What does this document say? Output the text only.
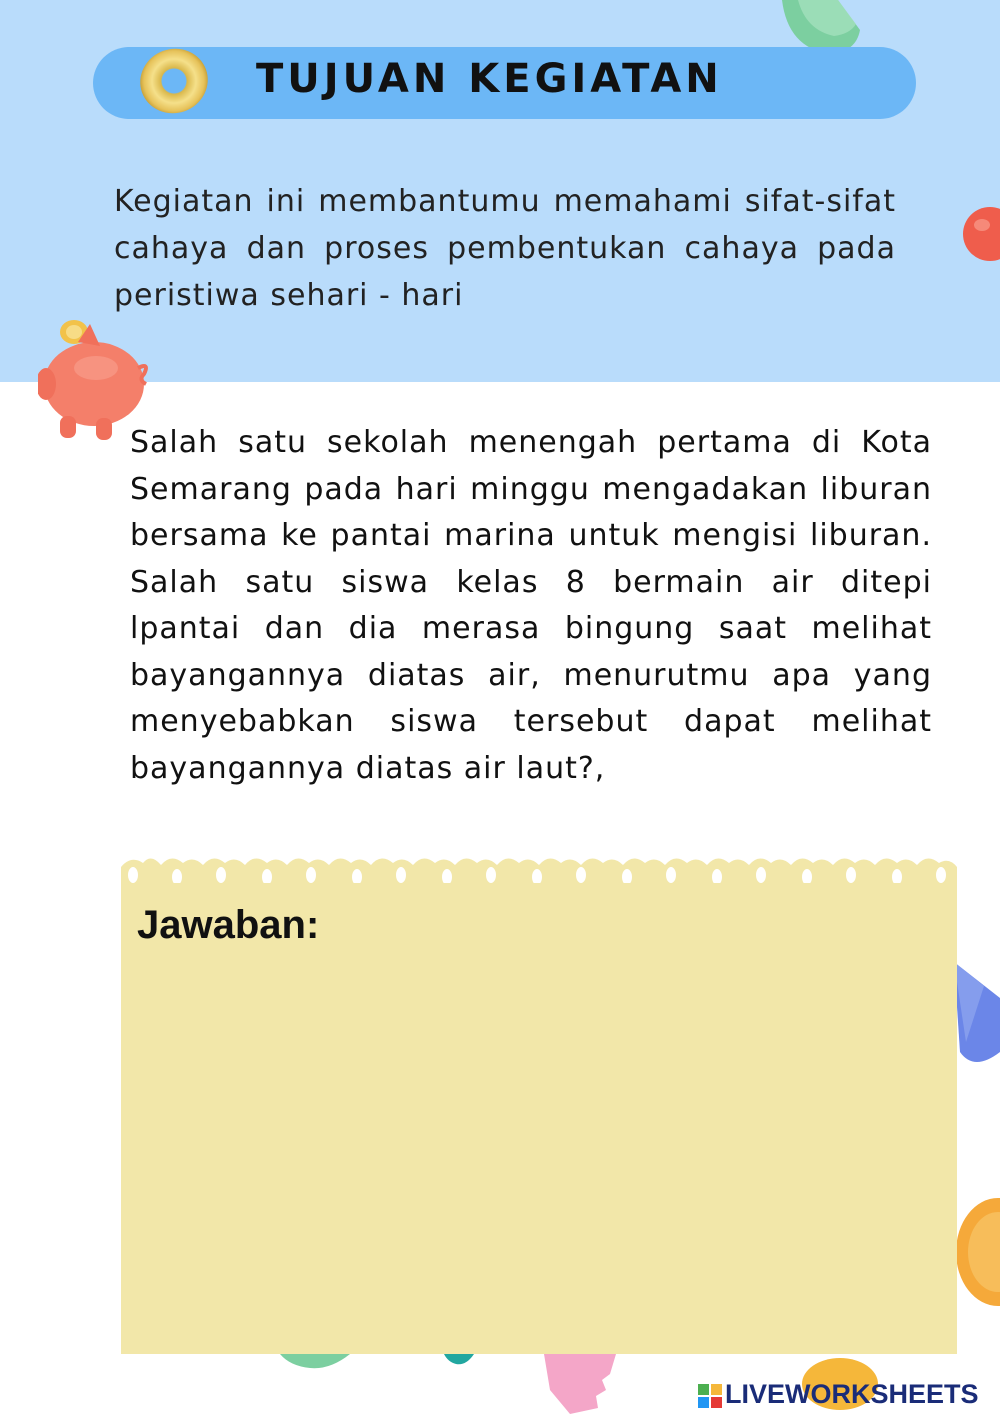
TUJUAN KEGIATAN
Kegiatan ini membantumu memahami sifat-sifat cahaya dan proses pembentukan cahaya pada peristiwa sehari - hari
Salah satu sekolah menengah pertama di Kota Semarang pada hari minggu mengadakan liburan bersama ke pantai marina untuk mengisi liburan. Salah satu siswa kelas 8 bermain air ditepi lpantai dan dia merasa bingung saat melihat bayangannya diatas air, menurutmu apa yang menyebabkan siswa tersebut dapat melihat bayangannya diatas air laut?,
Jawaban:
LIVEWORKSHEETS
